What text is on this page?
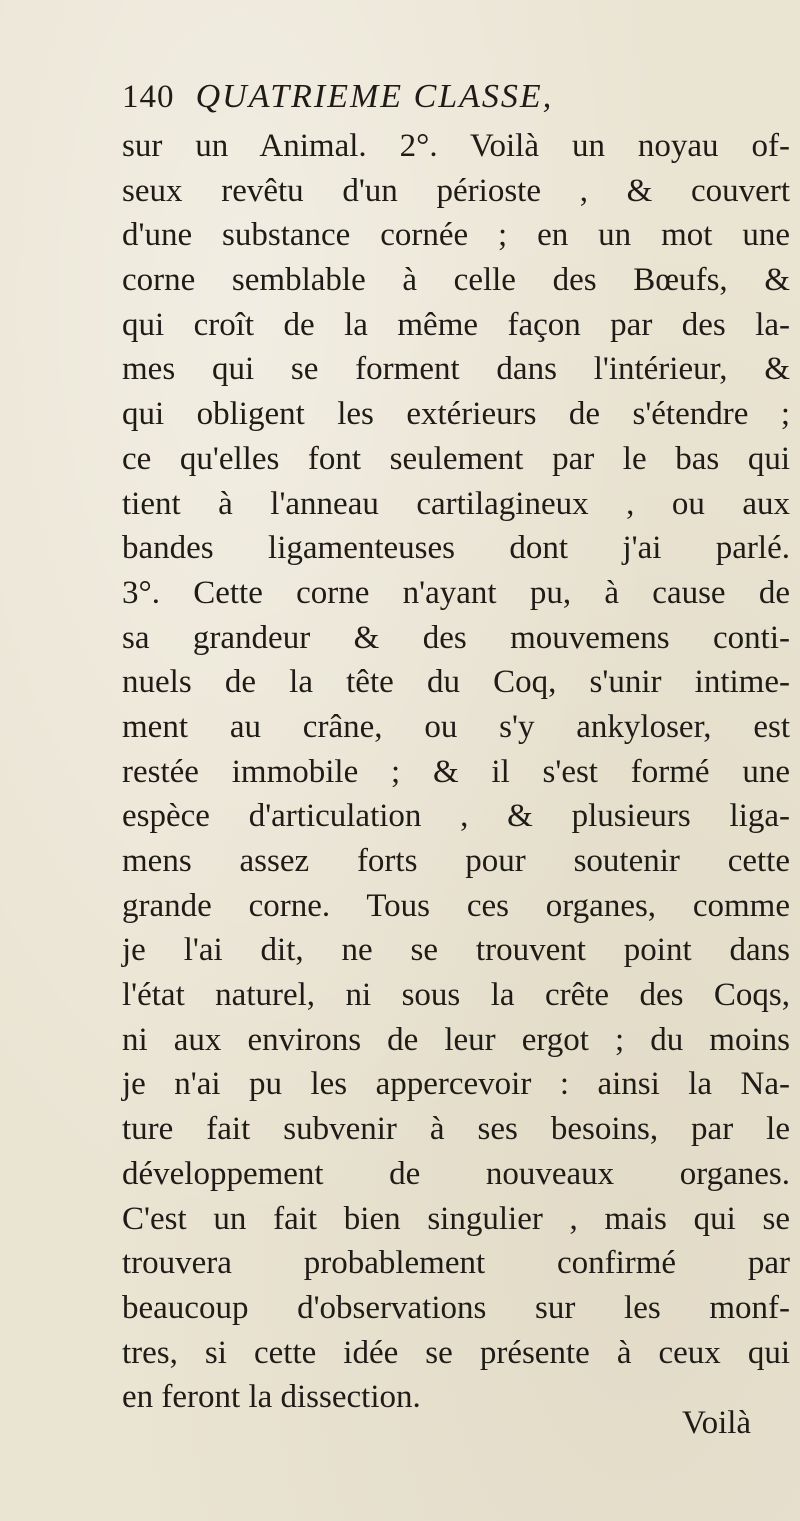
140 QUATRIEME CLASSE,
sur un Animal. 2°. Voilà un noyau of-
seux revêtu d'un périoste , & couvert
d'une substance cornée ; en un mot une
corne semblable à celle des Bœufs, &
qui croît de la même façon par des la-
mes qui se forment dans l'intérieur, &
qui obligent les extérieurs de s'étendre ;
ce qu'elles font seulement par le bas qui
tient à l'anneau cartilagineux , ou aux
bandes ligamenteuses dont j'ai parlé.
3°. Cette corne n'ayant pu, à cause de
sa grandeur & des mouvemens conti-
nuels de la tête du Coq, s'unir intime-
ment au crâne, ou s'y ankyloser, est
restée immobile ; & il s'est formé une
espèce d'articulation , & plusieurs liga-
mens assez forts pour soutenir cette
grande corne. Tous ces organes, comme
je l'ai dit, ne se trouvent point dans
l'état naturel, ni sous la crête des Coqs,
ni aux environs de leur ergot ; du moins
je n'ai pu les appercevoir : ainsi la Na-
ture fait subvenir à ses besoins, par le
développement de nouveaux organes.
C'est un fait bien singulier , mais qui se
trouvera probablement confirmé par
beaucoup d'observations sur les monf-
tres, si cette idée se présente à ceux qui
en feront la dissection.
Voilà
